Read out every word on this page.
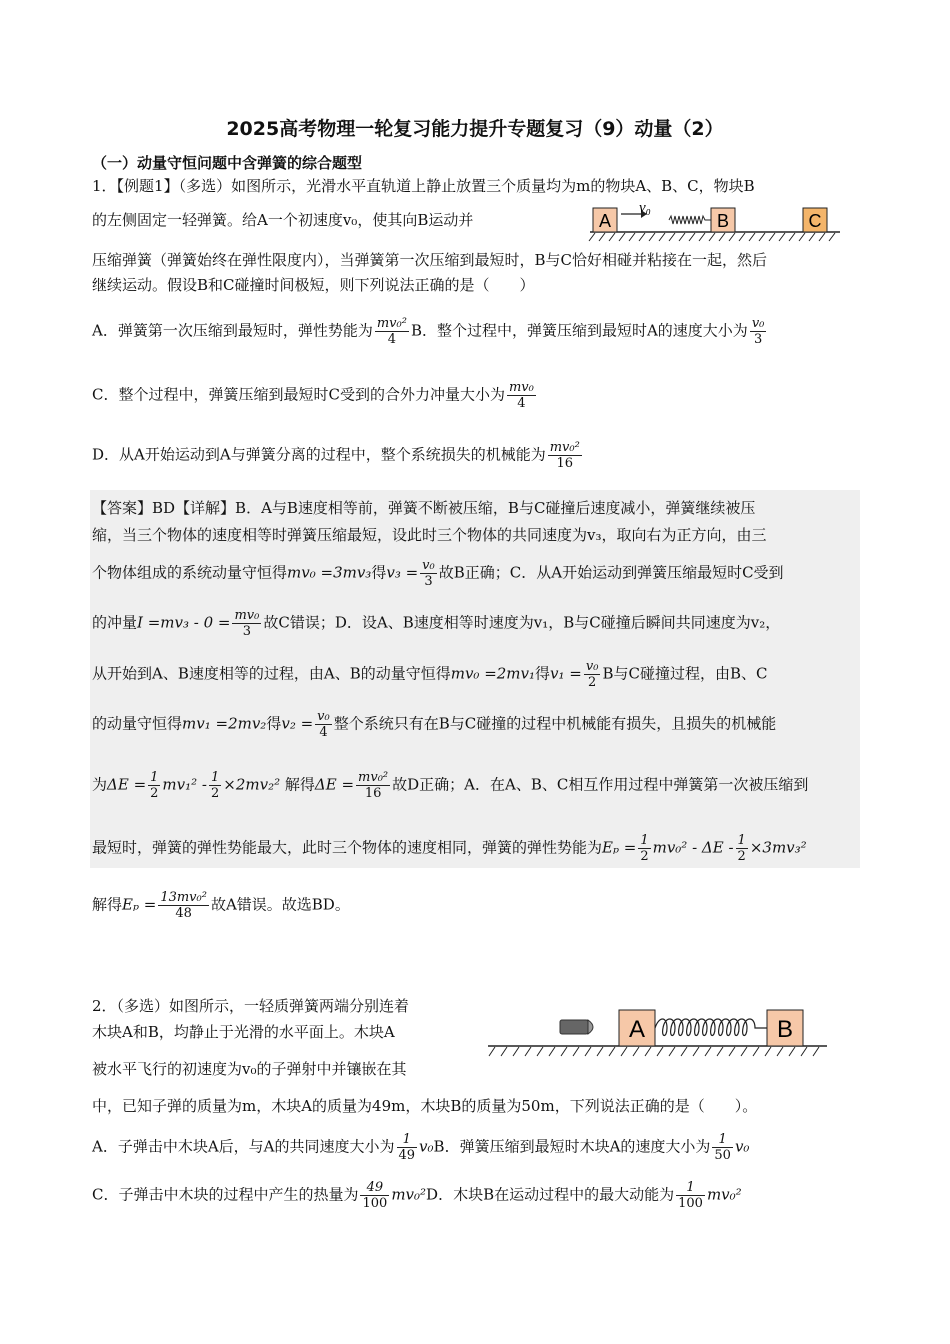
2025高考物理一轮复习能力提升专题复习（9）动量（2）
（一）动量守恒问题中含弹簧的综合题型
1．【例题1】（多选）如图所示，光滑水平直轨道上静止放置三个质量均为m的物块A、B、C，物块B
的左侧固定一轻弹簧。给A一个初速度v₀，使其向B运动并	A
v₀
B	C
压缩弹簧（弹簧始终在弹性限度内），当弹簧第一次压缩到最短时，B与C恰好相碰并粘接在一起，然后
继续运动。假设B和C碰撞时间极短，则下列说法正确的是（　　）
A．弹簧第一次压缩到最短时，弹性势能为 $\frac{\text{mv₀²}}{4}$ B．整个过程中，弹簧压缩到最短时A的速度大小为 $\frac{\text{v₀}}{3}$
C．整个过程中，弹簧压缩到最短时C受到的合外力冲量大小为 $\frac{\text{mv₀}}{4}$
D．从A开始运动到A与弹簧分离的过程中，整个系统损失的机械能为 $\frac{\text{mv₀²}}{16}$
【答案】BD【详解】B．A与B速度相等前，弹簧不断被压缩，B与C碰撞后速度减小，弹簧继续被压
缩，当三个物体的速度相等时弹簧压缩最短，设此时三个物体的共同速度为v₃，取向右为正方向，由三
个物体组成的系统动量守恒得mv₀ =3mv₃得$v_3 = \frac{\text{v₀}}{3}$ 故B正确；C．从A开始运动到弹簧压缩最短时C受到
的冲量$I =mv_3 - 0 = \frac{\text{mv₀}}{3}$ 故C错误；D．设A、B速度相等时速度为v₁，B与C碰撞后瞬间共同速度为v₂，
从开始到A、B速度相等的过程，由A、B的动量守恒得mv₀ =2mv₁得$v_1 = \frac{\text{v₀}}{2}$ B与C碰撞过程，由B、C
的动量守恒得mv₁ =2mv₂得$v_2 = \frac{\text{v₀}}{4}$ 整个系统只有在B与C碰撞的过程中机械能有损失，且损失的机械能
为$\Delta E = \frac{1}{2} mv_1^2 - \frac{1}{2} \times 2mv_2^2$ 解得$\Delta E = \frac{\text{mv₀²}}{16}$ 故D正确；A．在A、B、C相互作用过程中弹簧第一次被压缩到
最短时，弹簧的弹性势能最大，此时三个物体的速度相同，弹簧的弹性势能为$E_p = \frac{1}{2} mv_0^2 - \Delta E - \frac{1}{2} \times 3mv_3^2$
解得$E_p = \frac{\text{13mv₀²}}{48}$ 故A错误。故选BD。
2．（多选）如图所示，一轻质弹簧两端分别连着
木块A和B，均静止于光滑的水平面上。木块A
被水平飞行的初速度为v₀的子弹射中并镶嵌在其
A	B
中，已知子弹的质量为m，木块A的质量为49m，木块B的质量为50m，下列说法正确的是（　　）。
A．子弹击中木块A后，与A的共同速度大小为 $\frac{1}{49} v_0B$．弹簧压缩到最短时木块A的速度大小为 $\frac{1}{50} v_0$
C．子弹击中木块的过程中产生的热量为 $\frac{49}{100} mv_0^2D$．木块B在运动过程中的最大动能为 $\frac{1}{100} mv_0^2$
